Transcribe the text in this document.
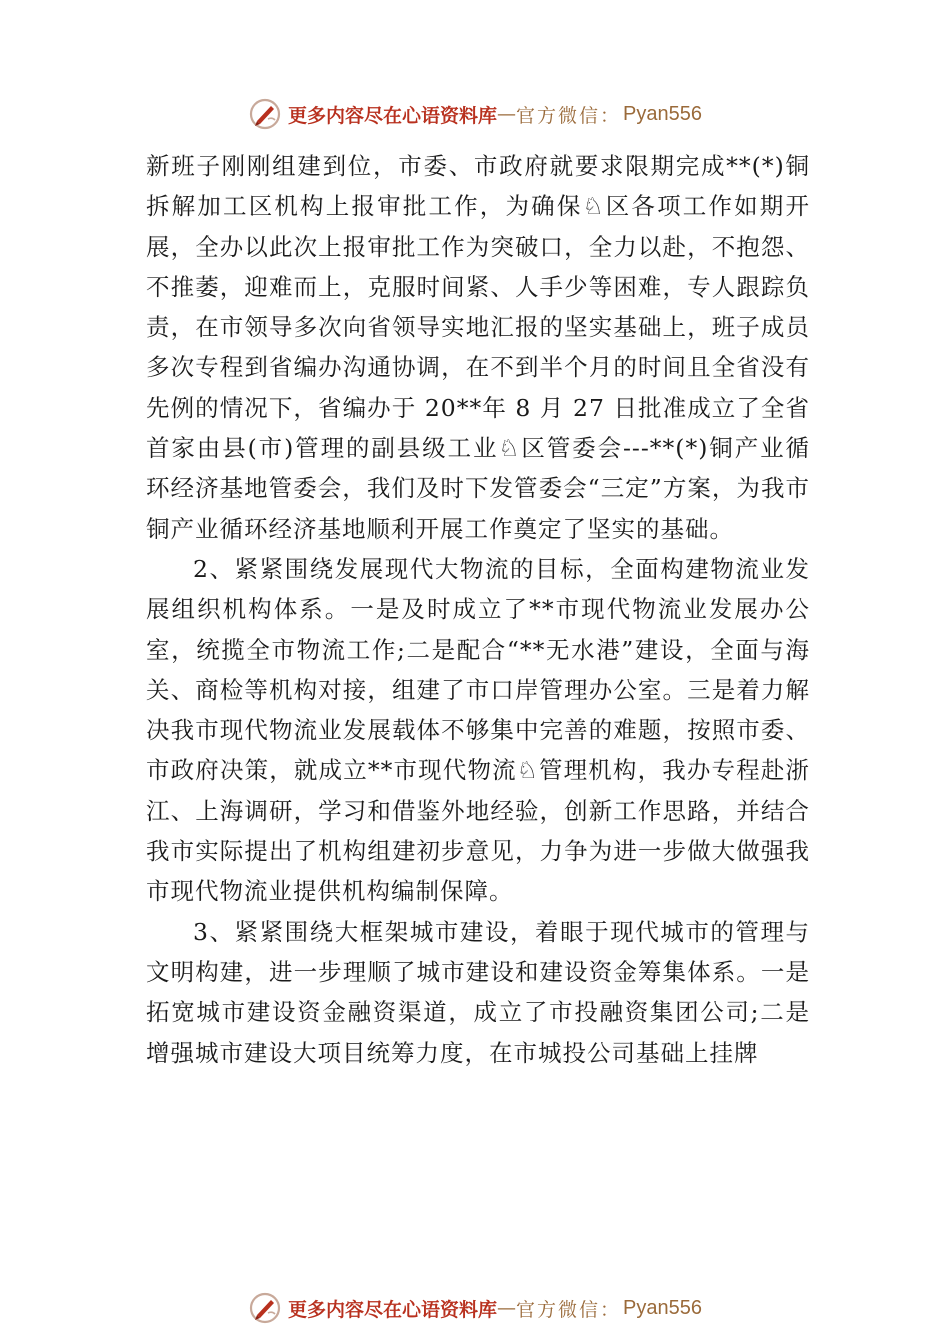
更多内容尽在心语资料库 — 官方微信： Pyan556

新班子刚刚组建到位，市委、市政府就要求限期完成**(*)铜拆解加工区机构上报审批工作，为确保♘区各项工作如期开展，全办以此次上报审批工作为突破口，全力以赴，不抱怨、不推萎，迎难而上，克服时间紧、人手少等困难，专人跟踪负责，在市领导多次向省领导实地汇报的坚实基础上，班子成员多次专程到省编办沟通协调，在不到半个月的时间且全省没有先例的情况下，省编办于 20**年 8 月 27 日批准成立了全省首家由县(市)管理的副县级工业♘区管委会---**(*)铜产业循环经济基地管委会，我们及时下发管委会“三定”方案，为我市铜产业循环经济基地顺利开展工作奠定了坚实的基础。

2、紧紧围绕发展现代大物流的目标，全面构建物流业发展组织机构体系。一是及时成立了**市现代物流业发展办公室，统揽全市物流工作;二是配合“**无水港”建设，全面与海关、商检等机构对接，组建了市口岸管理办公室。三是着力解决我市现代物流业发展载体不够集中完善的难题，按照市委、市政府决策，就成立**市现代物流♘管理机构，我办专程赴浙江、上海调研，学习和借鉴外地经验，创新工作思路，并结合我市实际提出了机构组建初步意见，力争为进一步做大做强我市现代物流业提供机构编制保障。

3、紧紧围绕大框架城市建设，着眼于现代城市的管理与文明构建，进一步理顺了城市建设和建设资金筹集体系。一是拓宽城市建设资金融资渠道，成立了市投融资集团公司;二是增强城市建设大项目统筹力度，在市城投公司基础上挂牌

更多内容尽在心语资料库 — 官方微信： Pyan556
